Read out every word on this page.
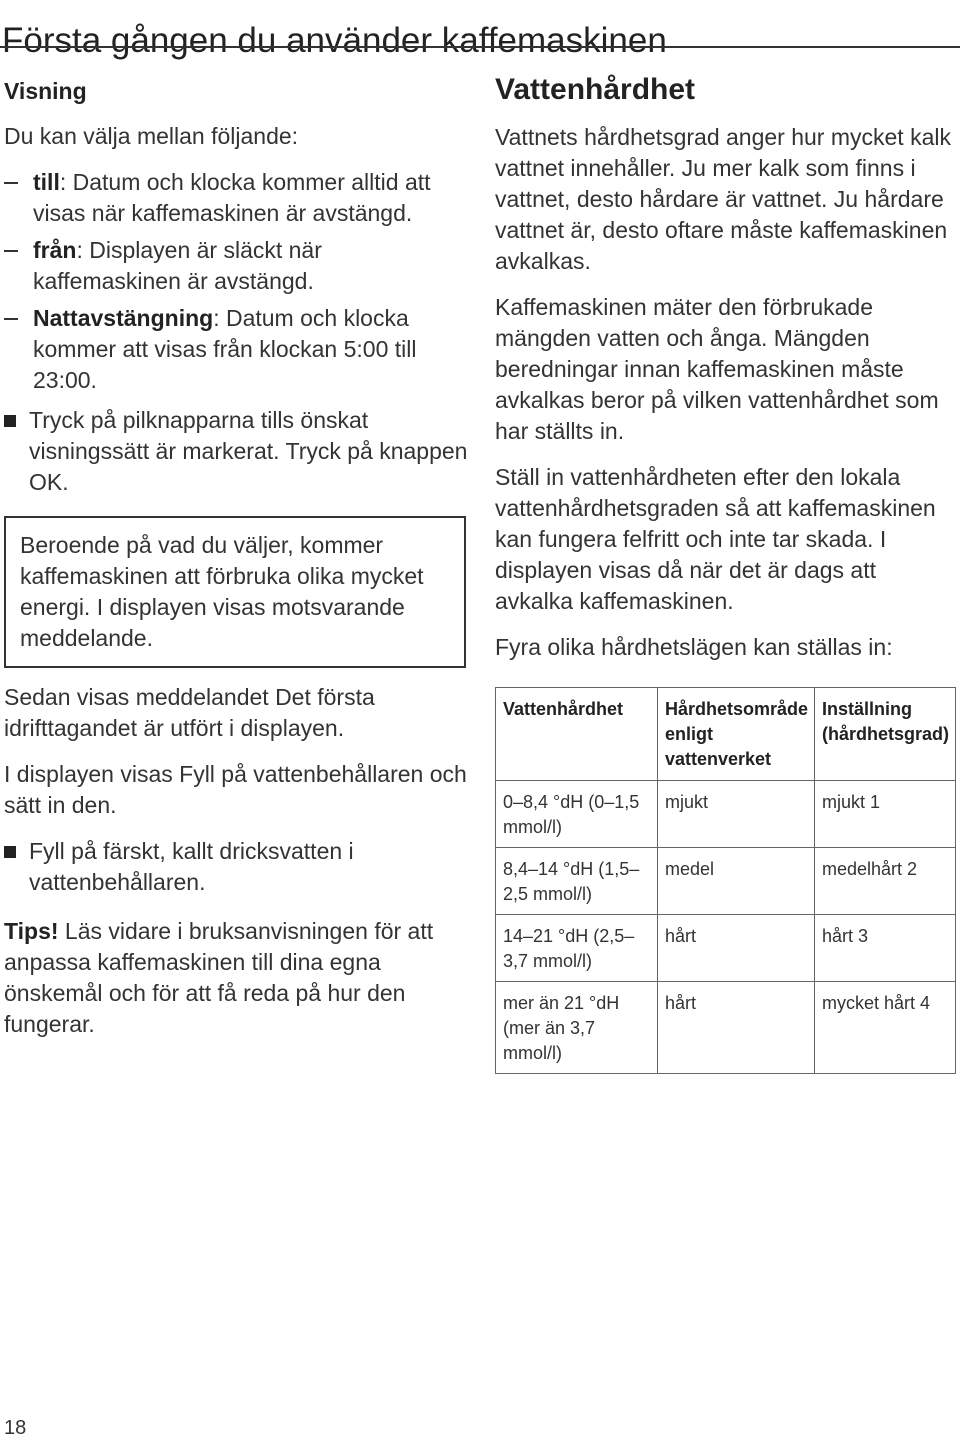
Första gången du använder kaffemaskinen
Visning

Du kan välja mellan följande:

till: Datum och klocka kommer alltid att visas när kaffemaskinen är avstängd.
från: Displayen är släckt när kaffemaskinen är avstängd.
Nattavstängning: Datum och klocka kommer att visas från klockan 5:00 till 23:00.
Tryck på pilknapparna tills önskat visningssätt är markerat. Tryck på knappen OK.

Beroende på vad du väljer, kommer kaffemaskinen att förbruka olika mycket energi. I displayen visas motsvarande meddelande.

Sedan visas meddelandet Det första idrifttagandet är utfört i displayen.

I displayen visas Fyll på vattenbehållaren och sätt in den.

Fyll på färskt, kallt dricksvatten i vattenbehållaren.

Tips! Läs vidare i bruksanvisningen för att anpassa kaffemaskinen till dina egna önskemål och för att få reda på hur den fungerar.

Vattenhårdhet

Vattnets hårdhetsgrad anger hur mycket kalk vattnet innehåller. Ju mer kalk som finns i vattnet, desto hårdare är vattnet. Ju hårdare vattnet är, desto oftare måste kaffemaskinen avkalkas.

Kaffemaskinen mäter den förbrukade mängden vatten och ånga. Mängden beredningar innan kaffemaskinen måste avkalkas beror på vilken vattenhårdhet som har ställts in.

Ställ in vattenhårdheten efter den lokala vattenhårdhetsgraden så att kaffemaskinen kan fungera felfritt och inte tar skada. I displayen visas då när det är dags att avkalka kaffemaskinen.

Fyra olika hårdhetslägen kan ställas in:

Vattenhårdhet	Hårdhetsområde enligt vattenverket	Inställning (hårdhetsgrad)
0–8,4 °dH (0–1,5 mmol/l)	mjukt	mjukt 1
8,4–14 °dH (1,5–2,5 mmol/l)	medel	medelhårt 2
14–21 °dH (2,5–3,7 mmol/l)	hårt	hårt 3
mer än 21 °dH (mer än 3,7 mmol/l)	hårt	mycket hårt 4
18
